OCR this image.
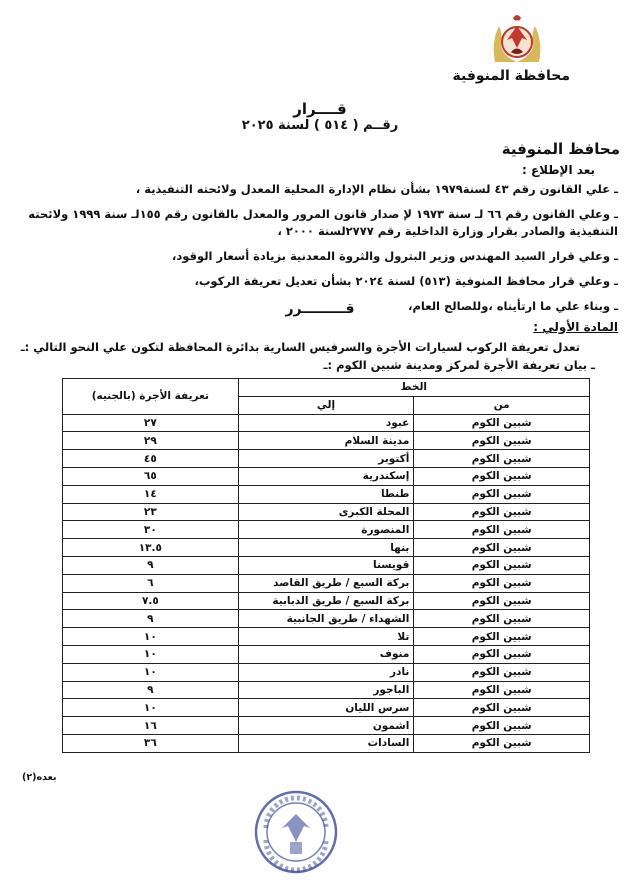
محافظة المنوفية
قــــرار
رقــم ( ٥١٤ ) لسنة ٢٠٢٥
محافظ المنوفية
بعد الإطلاع :
ـ علي القانون رقم ٤٣ لسنة١٩٧٩ بشأن نظام الإدارة المحلية المعدل ولائحته التنفيذية ،
ـ وعلي القانون رقم ٦٦ لـ سنة ١٩٧٣ لإ صدار قانون المرور والمعدل بالقانون رقم ١٥٥لـ سنة ١٩٩٩ ولائحته التنفيذية والصادر بقرار وزارة الداخلية رقم ٢٧٧٧لسنة ٢٠٠٠ ،
ـ وعلي قرار السيد المهندس وزير البترول والثروة المعدنية بزيادة أسعار الوقود،
ـ وعلي قرار محافظ المنوفية (٥١٣) لسنة ٢٠٢٤ بشأن تعديل تعريفة الركوب،
ـ وبناء علي ما ارتأيناه ،وللصالح العام،
قـــــــــرر
المادة الأولي :
تعدل تعريفة الركوب لسيارات الأجرة والسرفيس السارية بدائرة المحافظة لتكون علي النحو التالي :ـ
ـ بيان تعريفة الأجرة لمركز ومدينة شبين الكوم :ـ
الخط		تعريفة الأجرة (بالجنيه)
من	إلي	
شبين الكوم	عبود	٢٧
شبين الكوم	مدينة السلام	٢٩
شبين الكوم	أكتوبر	٤٥
شبين الكوم	إسكندرية	٦٥
شبين الكوم	طنطا	١٤
شبين الكوم	المحلة الكبرى	٢٣
شبين الكوم	المنصورة	٣٠
شبين الكوم	بنها	١٣.٥
شبين الكوم	قويسنا	٩
شبين الكوم	بركة السبع / طريق القاصد	٦
شبين الكوم	بركة السبع / طريق الدبابية	٧.٥
شبين الكوم	الشهداء / طريق الجانبية	٩
شبين الكوم	تلا	١٠
شبين الكوم	منوف	١٠
شبين الكوم	نادر	١٠
شبين الكوم	الباجور	٩
شبين الكوم	سرس الليان	١٠
شبين الكوم	اشمون	١٦
شبين الكوم	السادات	٣٦
بعده(٢)
